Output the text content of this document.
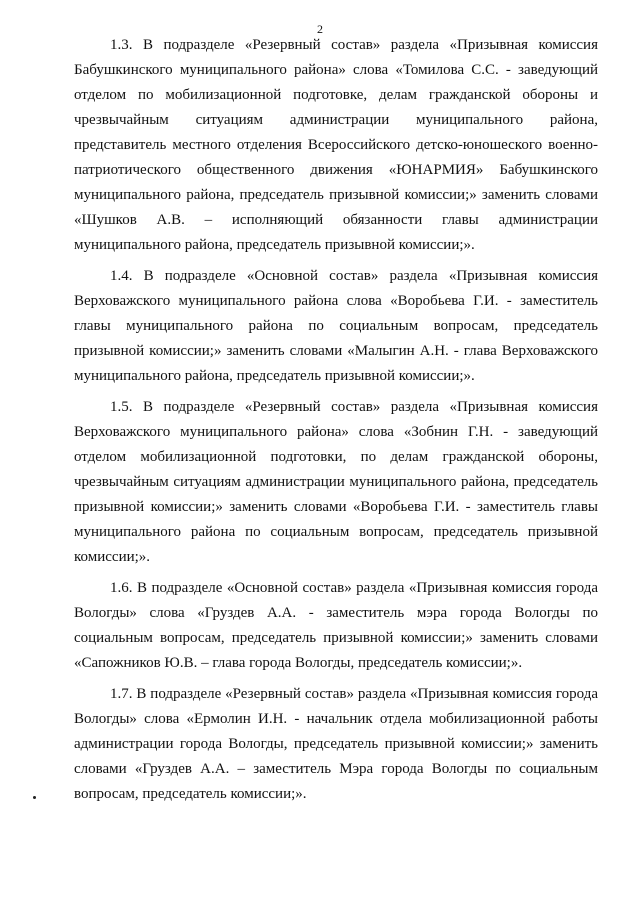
2

1.3. В подразделе «Резервный состав» раздела «Призывная комиссия Бабушкинского муниципального района» слова «Томилова С.С. - заведующий отделом по мобилизационной подготовке, делам гражданской обороны и чрезвычайным ситуациям администрации муниципального района, представитель местного отделения Всероссийского детско-юношеского военно-патриотического общественного движения «ЮНАРМИЯ» Бабушкинского муниципального района, председатель призывной комиссии;» заменить словами «Шушков А.В. – исполняющий обязанности главы администрации муниципального района, председатель призывной комиссии;».

1.4. В подразделе «Основной состав» раздела «Призывная комиссия Верховажского муниципального района слова «Воробьева Г.И. - заместитель главы муниципального района по социальным вопросам, председатель призывной комиссии;» заменить словами «Малыгин А.Н. - глава Верховажского муниципального района, председатель призывной комиссии;».

1.5. В подразделе «Резервный состав» раздела «Призывная комиссия Верховажского муниципального района» слова «Зобнин Г.Н. - заведующий отделом мобилизационной подготовки, по делам гражданской обороны, чрезвычайным ситуациям администрации муниципального района, председатель призывной комиссии;» заменить словами «Воробьева Г.И. - заместитель главы муниципального района по социальным вопросам, председатель призывной комиссии;».

1.6. В подразделе «Основной состав» раздела «Призывная комиссия города Вологды» слова «Груздев А.А. - заместитель мэра города Вологды по социальным вопросам, председатель призывной комиссии;» заменить словами «Сапожников Ю.В. – глава города Вологды, председатель комиссии;».

1.7. В подразделе «Резервный состав» раздела «Призывная комиссия города Вологды» слова «Ермолин И.Н. - начальник отдела мобилизационной работы администрации города Вологды, председатель призывной комиссии;» заменить словами «Груздев А.А. – заместитель Мэра города Вологды по социальным вопросам, председатель комиссии;».
